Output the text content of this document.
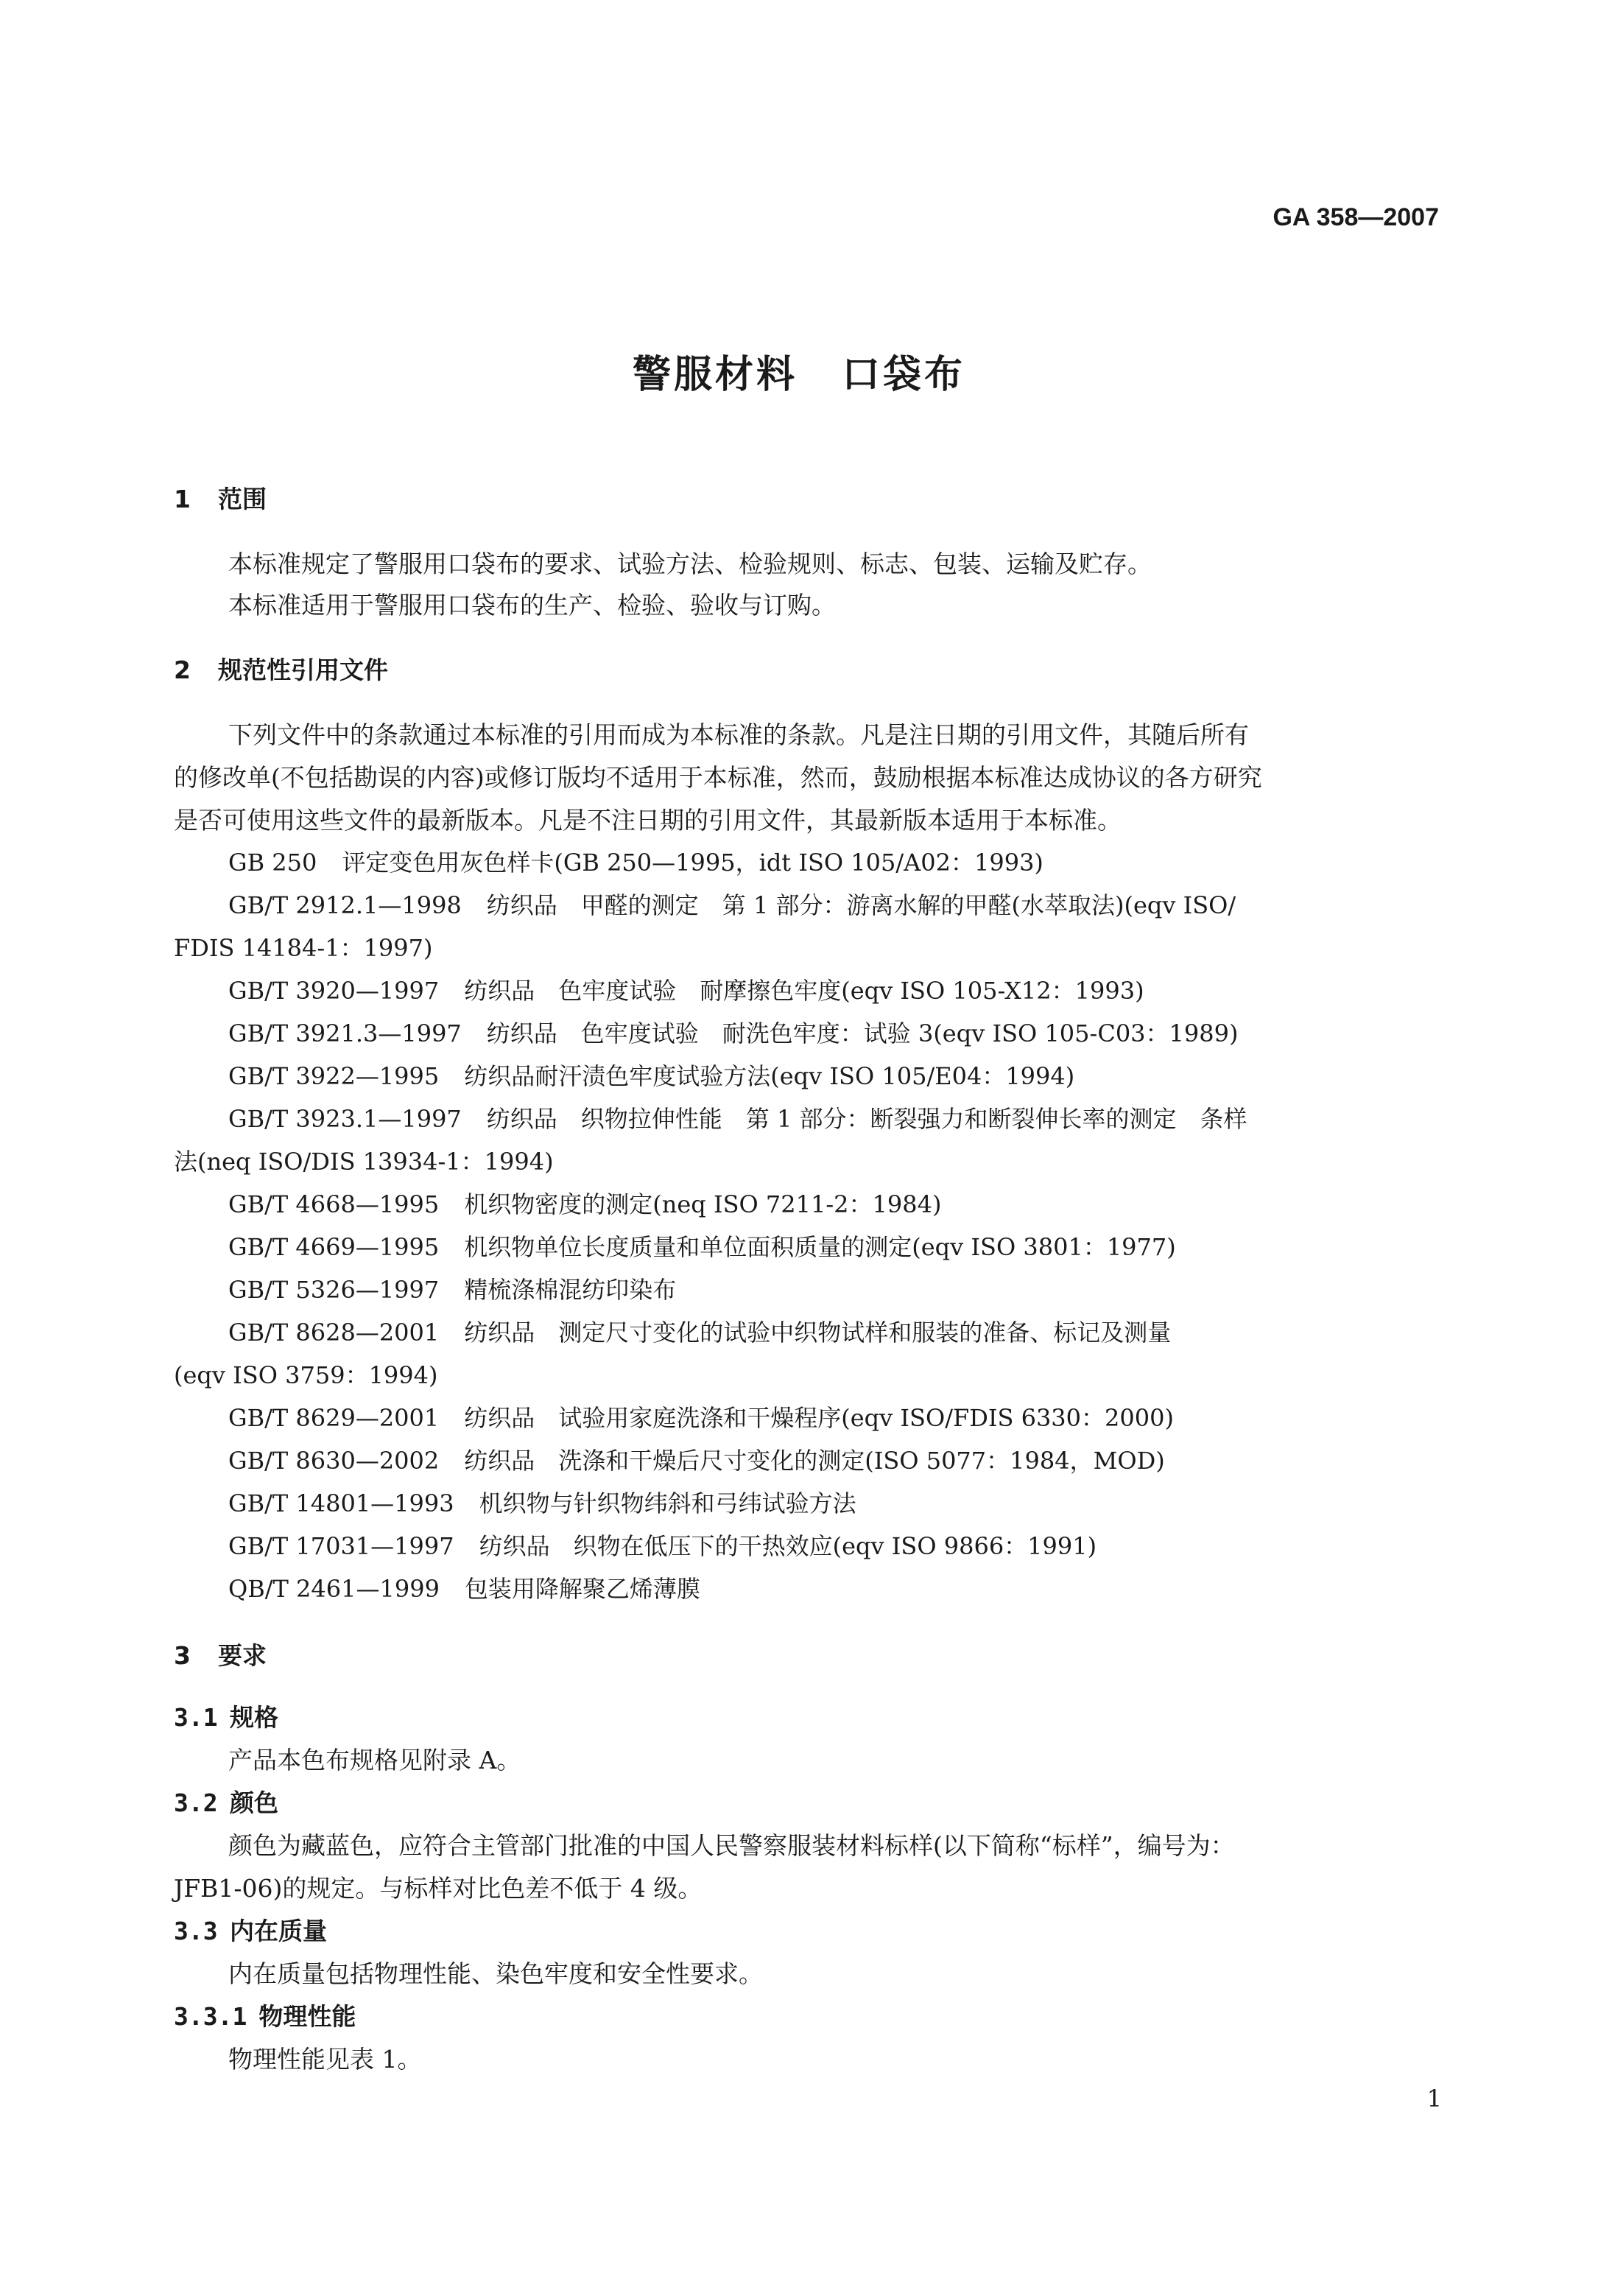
GA 358—2007
警服材料 口袋布
1 范围
本标准规定了警服用口袋布的要求、试验方法、检验规则、标志、包装、运输及贮存。
本标准适用于警服用口袋布的生产、检验、验收与订购。
2 规范性引用文件
下列文件中的条款通过本标准的引用而成为本标准的条款。凡是注日期的引用文件，其随后所有
的修改单(不包括勘误的内容)或修订版均不适用于本标准，然而，鼓励根据本标准达成协议的各方研究
是否可使用这些文件的最新版本。凡是不注日期的引用文件，其最新版本适用于本标准。
GB 250 评定变色用灰色样卡(GB 250—1995，idt ISO 105/A02：1993)
GB/T 2912.1—1998 纺织品　甲醛的测定　第 1 部分：游离水解的甲醛(水萃取法)(eqv ISO/
FDIS 14184-1：1997)
GB/T 3920—1997 纺织品　色牢度试验　耐摩擦色牢度(eqv ISO 105-X12：1993)
GB/T 3921.3—1997 纺织品　色牢度试验　耐洗色牢度：试验 3(eqv ISO 105-C03：1989)
GB/T 3922—1995 纺织品耐汗渍色牢度试验方法(eqv ISO 105/E04：1994)
GB/T 3923.1—1997 纺织品　织物拉伸性能　第 1 部分：断裂强力和断裂伸长率的测定　条样
法(neq ISO/DIS 13934-1：1994)
GB/T 4668—1995 机织物密度的测定(neq ISO 7211-2：1984)
GB/T 4669—1995 机织物单位长度质量和单位面积质量的测定(eqv ISO 3801：1977)
GB/T 5326—1997 精梳涤棉混纺印染布
GB/T 8628—2001 纺织品　测定尺寸变化的试验中织物试样和服装的准备、标记及测量
(eqv ISO 3759：1994)
GB/T 8629—2001 纺织品　试验用家庭洗涤和干燥程序(eqv ISO/FDIS 6330：2000)
GB/T 8630—2002 纺织品　洗涤和干燥后尺寸变化的测定(ISO 5077：1984，MOD)
GB/T 14801—1993 机织物与针织物纬斜和弓纬试验方法
GB/T 17031—1997 纺织品　织物在低压下的干热效应(eqv ISO 9866：1991)
QB/T 2461—1999 包装用降解聚乙烯薄膜
3 要求
3.1 规格
产品本色布规格见附录 A。
3.2 颜色
颜色为藏蓝色，应符合主管部门批准的中国人民警察服装材料标样(以下简称“标样”，编号为：
JFB1-06)的规定。与标样对比色差不低于 4 级。
3.3 内在质量
内在质量包括物理性能、染色牢度和安全性要求。
3.3.1 物理性能
物理性能见表 1。
1
